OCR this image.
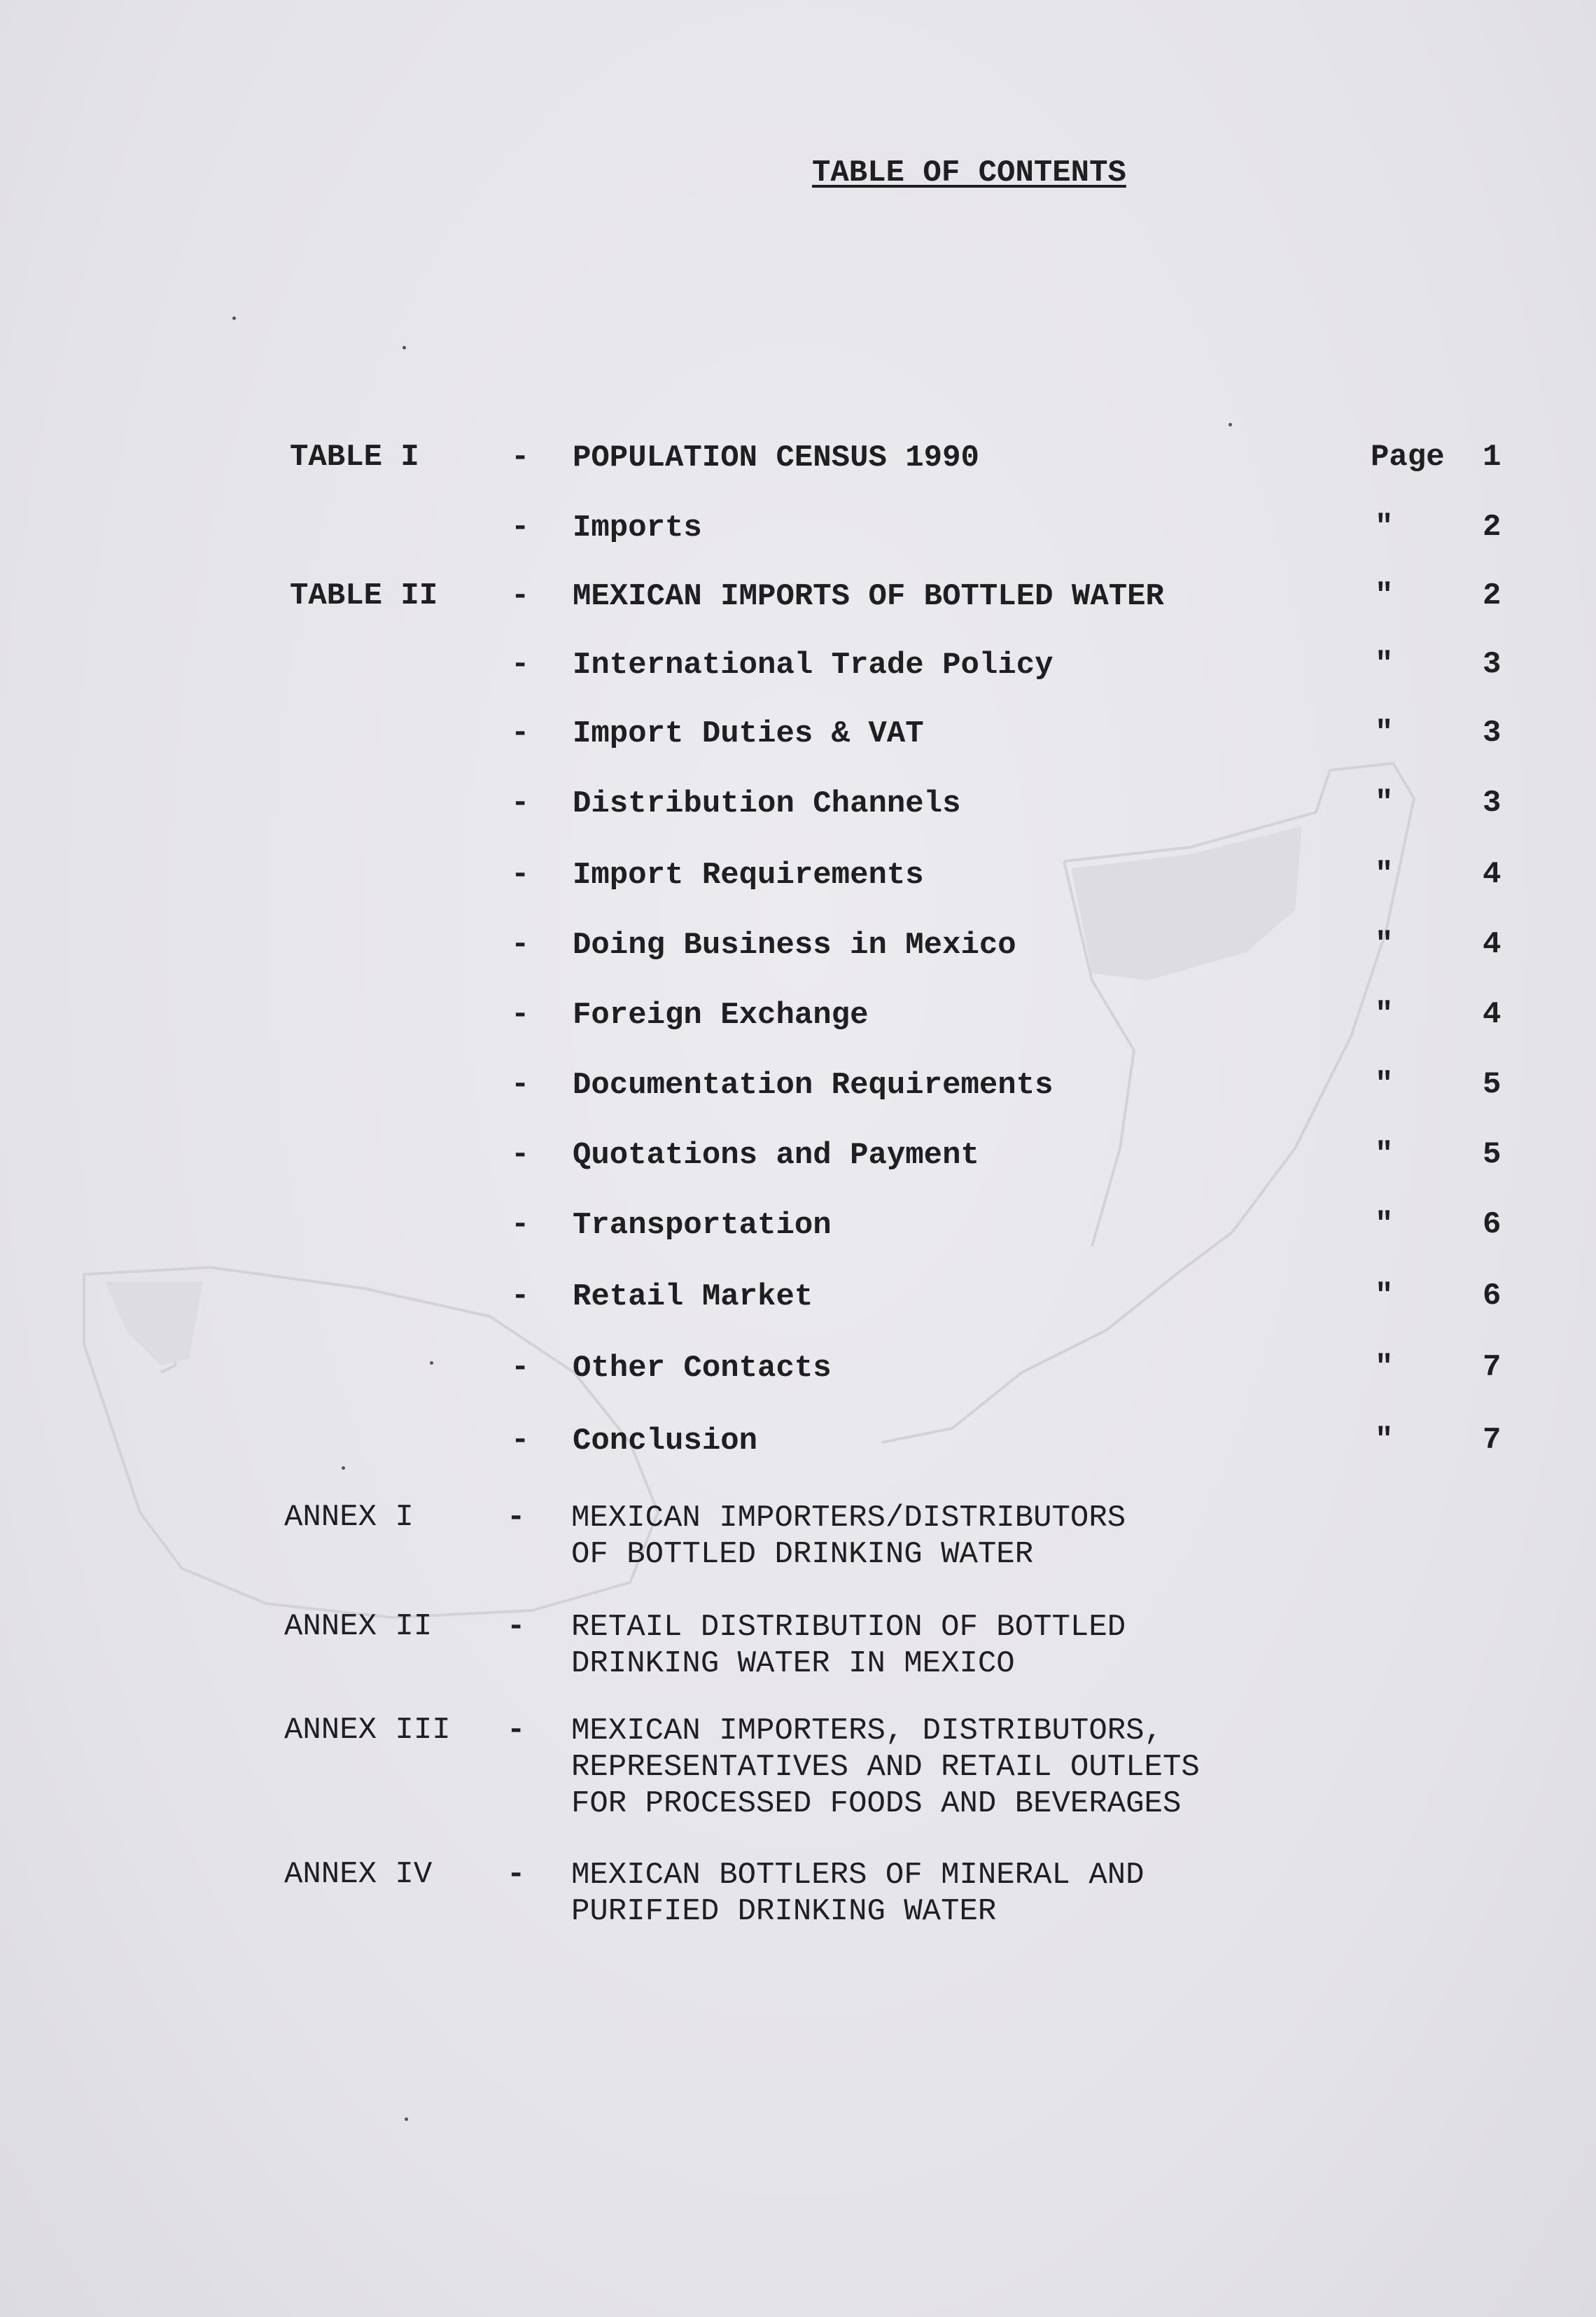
TABLE OF CONTENTS
TABLE I	- POPULATION CENSUS 1990	Page 1
- Imports	"	2
TABLE II - MEXICAN IMPORTS OF BOTTLED WATER	"	2
- International Trade Policy	"	3
- Import Duties & VAT	"	3
- Distribution Channels	"	3
- Import Requirements	"	4
- Doing Business in Mexico	"	4
- Foreign Exchange	"	4
- Documentation Requirements	"	5
- Quotations and Payment	"	5
- Transportation	"	6
- Retail Market	"	6
- Other Contacts	"	7
- Conclusion	"	7
ANNEX I	- MEXICAN IMPORTERS/DISTRIBUTORS
OF BOTTLED DRINKING WATER
ANNEX II - RETAIL DISTRIBUTION OF BOTTLED
DRINKING WATER IN MEXICO
ANNEX III - MEXICAN IMPORTERS, DISTRIBUTORS,
REPRESENTATIVES AND RETAIL OUTLETS
FOR PROCESSED FOODS AND BEVERAGES
ANNEX IV - MEXICAN BOTTLERS OF MINERAL AND
PURIFIED DRINKING WATER
